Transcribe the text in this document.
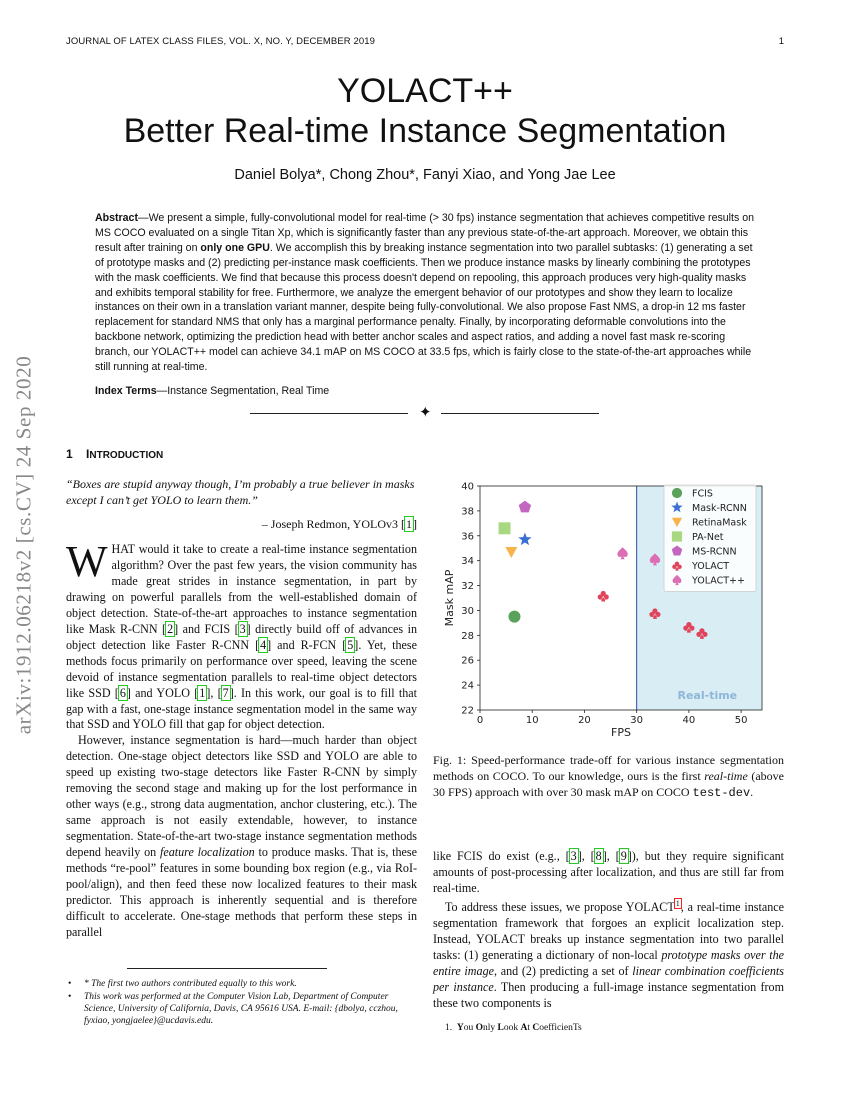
JOURNAL OF LATEX CLASS FILES, VOL. X, NO. Y, DECEMBER 2019	1
YOLACT++
Better Real-time Instance Segmentation
Daniel Bolya*, Chong Zhou*, Fanyi Xiao, and Yong Jae Lee
Abstract—We present a simple, fully-convolutional model for real-time (> 30 fps) instance segmentation that achieves competitive results on MS COCO evaluated on a single Titan Xp, which is significantly faster than any previous state-of-the-art approach. Moreover, we obtain this result after training on only one GPU. We accomplish this by breaking instance segmentation into two parallel subtasks: (1) generating a set of prototype masks and (2) predicting per-instance mask coefficients. Then we produce instance masks by linearly combining the prototypes with the mask coefficients. We find that because this process doesn't depend on repooling, this approach produces very high-quality masks and exhibits temporal stability for free. Furthermore, we analyze the emergent behavior of our prototypes and show they learn to localize instances on their own in a translation variant manner, despite being fully-convolutional. We also propose Fast NMS, a drop-in 12 ms faster replacement for standard NMS that only has a marginal performance penalty. Finally, by incorporating deformable convolutions into the backbone network, optimizing the prediction head with better anchor scales and aspect ratios, and adding a novel fast mask re-scoring branch, our YOLACT++ model can achieve 34.1 mAP on MS COCO at 33.5 fps, which is fairly close to the state-of-the-art approaches while still running at real-time.
Index Terms—Instance Segmentation, Real Time
✦
arXiv:1912.06218v2 [cs.CV] 24 Sep 2020	1 INTRODUCTION
“Boxes are stupid anyway though, I’m probably a true believer in masks except I can’t get YOLO to learn them.”
– Joseph Redmon, YOLOv3 [1]

WHAT would it take to create a real-time instance segmentation algorithm? Over the past few years, the vision community has made great strides in instance segmentation, in part by drawing on powerful parallels from the well-established domain of object detection. State-of-the-art approaches to instance segmentation like Mask R-CNN [2] and FCIS [3] directly build off of advances in object detection like Faster R-CNN [4] and R-FCN [5]. Yet, these methods focus primarily on performance over speed, leaving the scene devoid of instance segmentation parallels to real-time object detectors like SSD [6] and YOLO [1], [7]. In this work, our goal is to fill that gap with a fast, one-stage instance segmentation model in the same way that SSD and YOLO fill that gap for object detection.

However, instance segmentation is hard—much harder than object detection. One-stage object detectors like SSD and YOLO are able to speed up existing two-stage detectors like Faster R-CNN by simply removing the second stage and making up for the lost performance in other ways (e.g., strong data augmentation, anchor clustering, etc.). The same approach is not easily extendable, however, to instance segmentation. State-of-the-art two-stage instance segmentation methods depend heavily on feature localization to produce masks. That is, these methods “re-pool” features in some bounding box region (e.g., via RoI-pool/align), and then feed these now localized features to their mask predictor. This approach is inherently sequential and is therefore difficult to accelerate. One-stage methods that perform these steps in parallel

• * The first two authors contributed equally to this work.
• This work was performed at the Computer Vision Lab, Department of Computer Science, University of California, Davis, CA 95616 USA. E-mail: {dbolya, cczhou, fyxiao, yongjaelee}@ucdavis.edu.
Real-time
0	10	20	30	40	50
22
24
26
28
30
32
34
36
38
40
FPS
Mask mAP
FCIS
Mask-RCNN
RetinaMask
PA-Net
MS-RCNN
YOLACT
YOLACT++
Fig. 1: Speed-performance trade-off for various instance segmentation methods on COCO. To our knowledge, ours is the first real-time (above 30 FPS) approach with over 30 mask mAP on COCO test-dev.

like FCIS do exist (e.g., [3], [8], [9]), but they require significant amounts of post-processing after localization, and thus are still far from real-time.

To address these issues, we propose YOLACT$^1$, a real-time instance segmentation framework that forgoes an explicit localization step. Instead, YOLACT breaks up instance segmentation into two parallel tasks: (1) generating a dictionary of non-local prototype masks over the entire image, and (2) predicting a set of linear combination coefficients per instance. Then producing a full-image instance segmentation from these two components is

1. You Only Look At CoefficienTs
